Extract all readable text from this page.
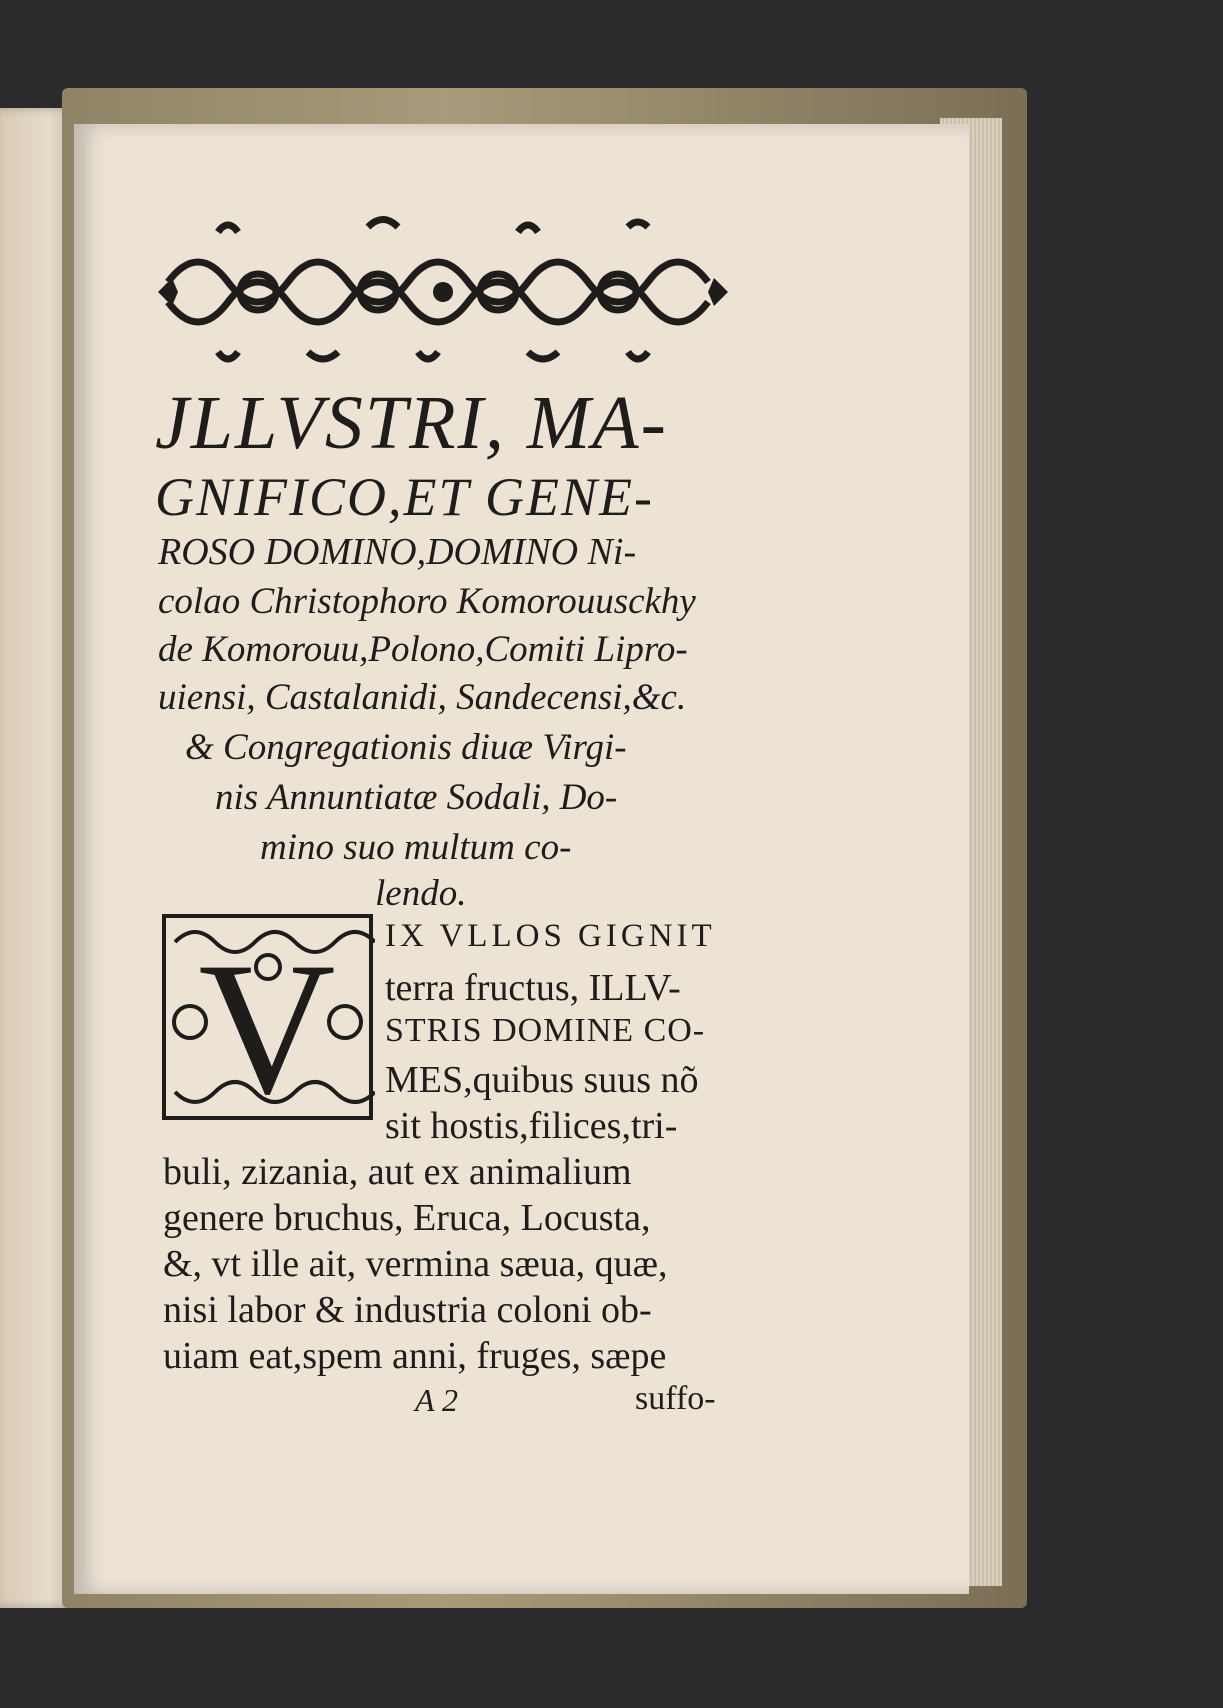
JLLVSTRI, MA-
GNIFICO,ET GENE-
ROSO DOMINO,DOMINO Ni-
colao Christophoro Komorouusckhy
de Komorouu,Polono,Comiti Lipro-
uiensi, Castalanidi, Sandecensi,&c.
& Congregationis diuæ Virgi-
nis Annuntiatæ Sodali, Do-
mino suo multum co-
lendo.
V IX VLLOS GIGNIT
terra fructus, ILLV-
STRIS DOMINE CO-
MES,quibus suus nõ
sit hostis,filices,tri-
buli, zizania, aut ex animalium
genere bruchus, Eruca, Locusta,
&, vt ille ait, vermina sæua, quæ,
nisi labor & industria coloni ob-
uiam eat,spem anni, fruges, sæpe
A 2	suffo-
